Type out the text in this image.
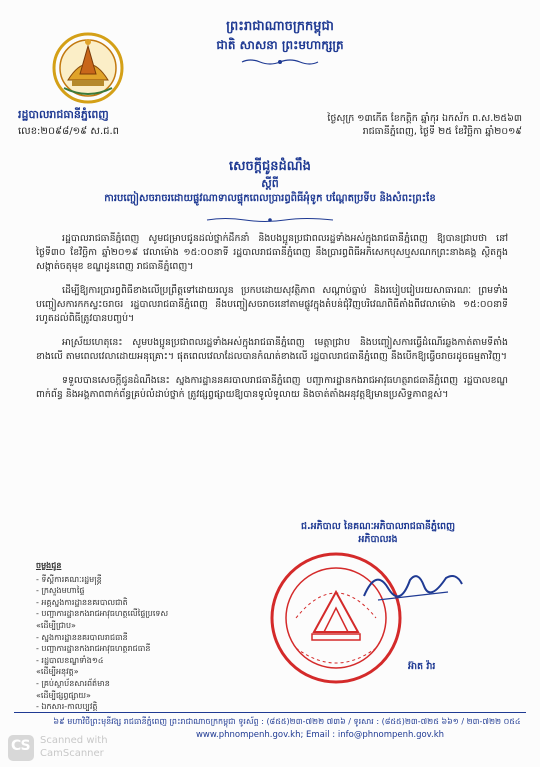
ព្រះរាជាណាចក្រកម្ពុជា
ជាតិ សាសនា ព្រះមហាក្សត្រ
រដ្ឋបាលរាជធានីភ្នំពេញ
លេខ:២០៩៨/១៩ ស.ជ.ព
ថ្ងៃសុក្រ ១៣កើត ខែកត្តិក ឆ្នាំកុរ ឯកស័ក ព.ស.២៥៦៣
រាជធានីភ្នំពេញ, ថ្ងៃទី ២៥ ខែវិច្ឆិកា ឆ្នាំ២០១៩
សេចក្តីជូនដំណឹង
ស្តីពី
ការបញ្ចៀសចរាចរដោយផ្លូវណាទាលផ្ទុកពេលប្រារព្ធពិធីអុំទូក បណ្តែតប្រទីប និងសំពះព្រះខែ

រដ្ឋបាលរាជធានីភ្នំពេញ សូមជម្រាបជូនដល់ថ្នាក់ដឹកនាំ និងបងប្អូនប្រជាពលរដ្ឋទាំងអស់ក្នុងរាជធានីភ្នំពេញ ឱ្យបានជ្រាបថា នៅថ្ងៃទី៣០ ខែវិច្ឆិកា ឆ្នាំ២០១៩ វេលាម៉ោង ១៥:០០នាទី រដ្ឋបាលរាជធានីភ្នំពេញ នឹងប្រារព្ធពិធីអភិសេកបុសឬសណកព្រះនាងគង្គ ស្ថិតក្នុងសង្កាត់ចតុមុខ ខណ្ឌដូនពេញ រាជធានីភ្នំពេញ។

ដើម្បីឱ្យការប្រារព្ធពិធីខាងលើប្រព្រឹត្តទៅដោយរលូន ប្រកបដោយសុវត្ថិភាព សណ្តាប់ធ្នាប់ និងរបៀបរៀបរយសាធារណៈ ព្រមទាំងបញ្ចៀសការកកស្ទះចរាចរ រដ្ឋបាលរាជធានីភ្នំពេញ នឹងបញ្ចៀសចរាចរនៅតាមផ្លូវក្នុងតំបន់ជុំវិញបរិវេណពិធីតាំងពីវេលាម៉ោង ១៥:០០នាទី រហូតដល់ពិធីត្រូវបានបញ្ចប់។

អាស្រ័យហេតុនេះ សូមបងប្អូនប្រជាពលរដ្ឋទាំងអស់ក្នុងរាជធានីភ្នំពេញ មេត្តាជ្រាប និងបញ្ចៀសការធ្វើដំណើរឆ្លងកាត់តាមទីតាំងខាងលើ តាមពេលវេលាដោយអនុគ្រោះ។ ផុតពេលវេលាដែលបានកំណត់ខាងលើ រដ្ឋបាលរាជធានីភ្នំពេញ នឹងបើកឱ្យធ្វើចរាចរដូចធម្មតាវិញ។

ទទួលបានសេចក្តីជូនដំណឹងនេះ ស្នងការដ្ឋាននគរបាលរាជធានីភ្នំពេញ បញ្ជាការដ្ឋានកងរាជអាវុធហត្ថរាជធានីភ្នំពេញ រដ្ឋបាលខណ្ឌពាក់ព័ន្ធ និងអង្គភាពពាក់ព័ន្ធគ្រប់លំដាប់ថ្នាក់ ត្រូវផ្សព្វផ្សាយឱ្យបានទូលំទូលាយ និងចាត់តាំងអនុវត្តឱ្យមានប្រសិទ្ធភាពខ្ពស់។

ចម្លងជូន
- ទីស្តីការគណៈរដ្ឋមន្ត្រី
- ក្រសួងមហាផ្ទៃ
- អគ្គស្នងការដ្ឋាននគរបាលជាតិ
- បញ្ជាការដ្ឋានកងរាជអាវុធហត្ថលើផ្ទៃប្រទេស
«ដើម្បីជ្រាប»
- ស្នងការដ្ឋាននគរបាលរាជធានី
- បញ្ជាការដ្ឋានកងរាជអាវុធហត្ថរាជធានី
- រដ្ឋបាលខណ្ឌទាំង១៤
«ដើម្បីអនុវត្ត»
- គ្រប់ស្ថាប័នសារព័ត៌មាន
«ដើម្បីផ្សព្វផ្សាយ»
- ឯកសារ-កាលប្បវត្តិ
ជ.អភិបាល នៃគណៈអភិបាលរាជធានីភ្នំពេញ
អភិបាលរង
អ៊ាត វ៉ារ
៦៩ មហាវិថីព្រះមុនីវង្ស រាជធានីភ្នំពេញ ព្រះរាជាណាចក្រកម្ពុជា ទូរស័ព្ទ : (៨៥៥)២៣-៧២២ ៧៣៦ / ទូរសារ : (៨៥៥)២៣-៧២៥ ៦៦១ / ២៣-៧២២ ០៥៤
www.phnompenh.gov.kh; Email : info@phnompenh.gov.kh
CS Scanned with
CamScanner
